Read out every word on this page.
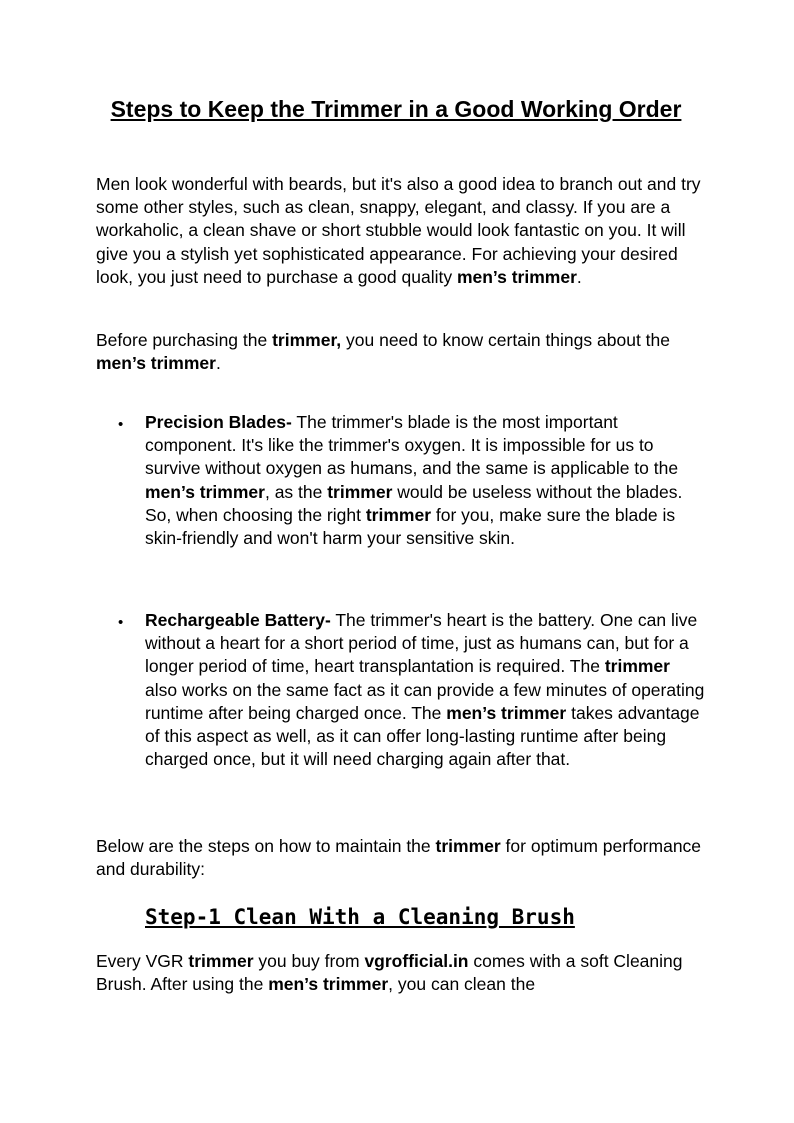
Steps to Keep the Trimmer in a Good Working Order

Men look wonderful with beards, but it's also a good idea to branch out and try some other styles, such as clean, snappy, elegant, and classy. If you are a workaholic, a clean shave or short stubble would look fantastic on you. It will give you a stylish yet sophisticated appearance. For achieving your desired look, you just need to purchase a good quality men’s trimmer.

Before purchasing the trimmer, you need to know certain things about the men’s trimmer.

• Precision Blades- The trimmer's blade is the most important component. It's like the trimmer's oxygen. It is impossible for us to survive without oxygen as humans, and the same is applicable to the men’s trimmer, as the trimmer would be useless without the blades. So, when choosing the right trimmer for you, make sure the blade is skin-friendly and won't harm your sensitive skin.

• Rechargeable Battery- The trimmer's heart is the battery. One can live without a heart for a short period of time, just as humans can, but for a longer period of time, heart transplantation is required. The trimmer also works on the same fact as it can provide a few minutes of operating runtime after being charged once. The men’s trimmer takes advantage of this aspect as well, as it can offer long-lasting runtime after being charged once, but it will need charging again after that.

Below are the steps on how to maintain the trimmer for optimum performance and durability:

Step-1 Clean With a Cleaning Brush

Every VGR trimmer you buy from vgrofficial.in comes with a soft Cleaning Brush. After using the men’s trimmer, you can clean the
